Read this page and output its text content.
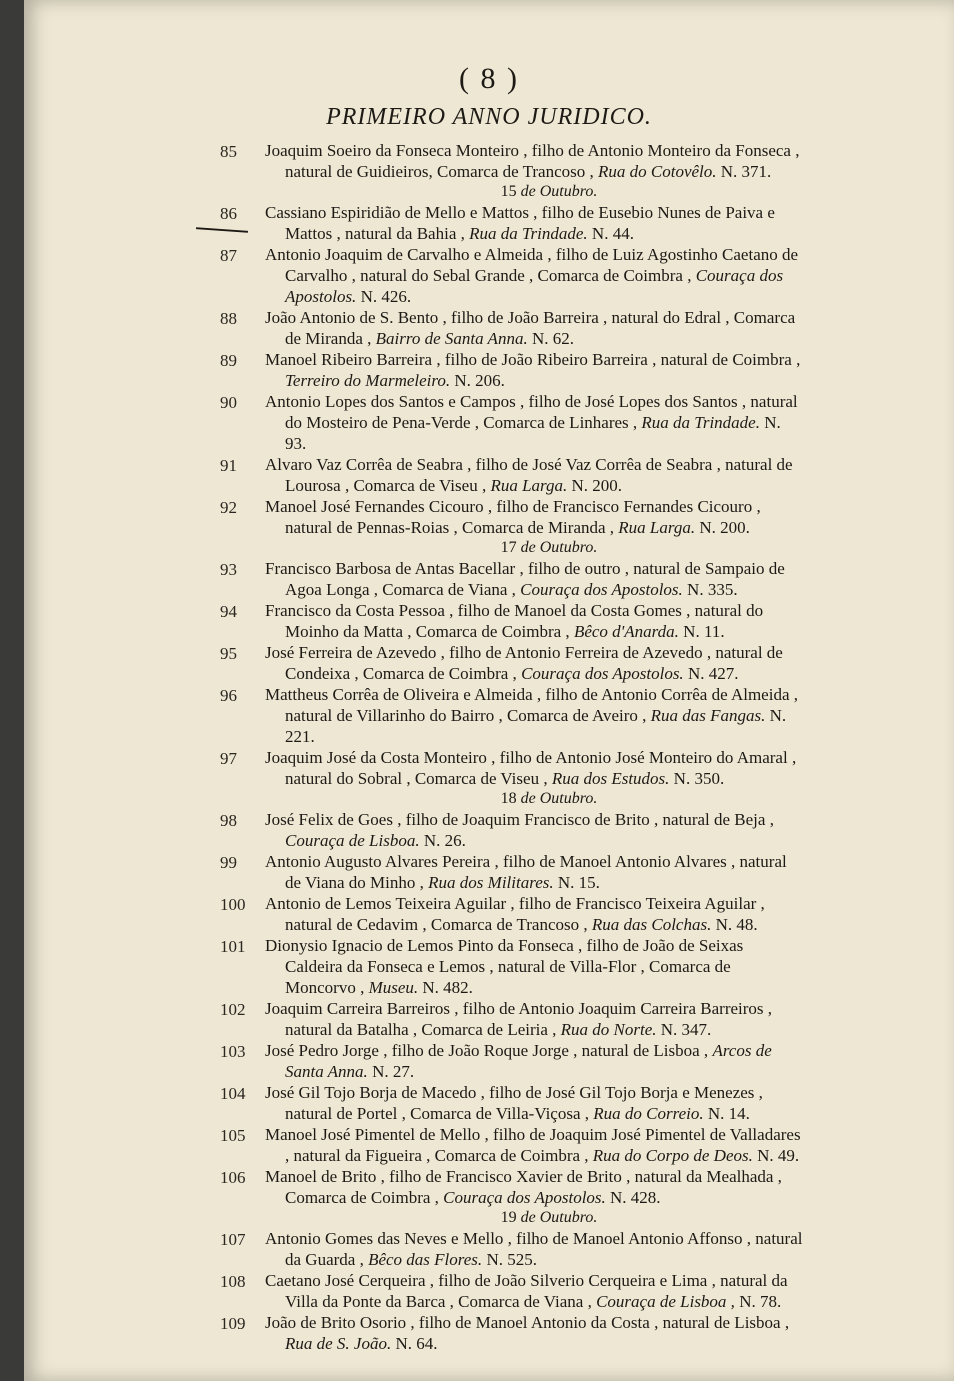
( 8 )
PRIMEIRO ANNO JURIDICO.
85	Joaquim Soeiro da Fonseca Monteiro , filho de Antonio Monteiro da Fonseca , natural de Guidieiros, Comarca de Trancoso , Rua do Cotovêlo. N. 371.
15 de Outubro.
86	Cassiano Espiridião de Mello e Mattos , filho de Eusebio Nunes de Paiva e Mattos , natural da Bahia , Rua da Trindade. N. 44.
87	Antonio Joaquim de Carvalho e Almeida , filho de Luiz Agostinho Caetano de Carvalho , natural do Sebal Grande , Comarca de Coimbra , Couraça dos Apostolos. N. 426.
88	João Antonio de S. Bento , filho de João Barreira , natural do Edral , Comarca de Miranda , Bairro de Santa Anna. N. 62.
89	Manoel Ribeiro Barreira , filho de João Ribeiro Barreira , natural de Coimbra , Terreiro do Marmeleiro. N. 206.
90	Antonio Lopes dos Santos e Campos , filho de José Lopes dos Santos , natural do Mosteiro de Pena-Verde , Comarca de Linhares , Rua da Trindade. N. 93.
91	Alvaro Vaz Corrêa de Seabra , filho de José Vaz Corrêa de Seabra , natural de Lourosa , Comarca de Viseu , Rua Larga. N. 200.
92	Manoel José Fernandes Cicouro , filho de Francisco Fernandes Cicouro , natural de Pennas-Roias , Comarca de Miranda , Rua Larga. N. 200.
17 de Outubro.
93	Francisco Barbosa de Antas Bacellar , filho de outro , natural de Sampaio de Agoa Longa , Comarca de Viana , Couraça dos Apostolos. N. 335.
94	Francisco da Costa Pessoa , filho de Manoel da Costa Gomes , natural do Moinho da Matta , Comarca de Coimbra , Bêco d'Anarda. N. 11.
95	José Ferreira de Azevedo , filho de Antonio Ferreira de Azevedo , natural de Condeixa , Comarca de Coimbra , Couraça dos Apostolos. N. 427.
96	Mattheus Corrêa de Oliveira e Almeida , filho de Antonio Corrêa de Almeida , natural de Villarinho do Bairro , Comarca de Aveiro , Rua das Fangas. N. 221.
97	Joaquim José da Costa Monteiro , filho de Antonio José Monteiro do Amaral , natural do Sobral , Comarca de Viseu , Rua dos Estudos. N. 350.
18 de Outubro.
98	José Felix de Goes , filho de Joaquim Francisco de Brito , natural de Beja , Couraça de Lisboa. N. 26.
99	Antonio Augusto Alvares Pereira , filho de Manoel Antonio Alvares , natural de Viana do Minho , Rua dos Militares. N. 15.
100	Antonio de Lemos Teixeira Aguilar , filho de Francisco Teixeira Aguilar , natural de Cedavim , Comarca de Trancoso , Rua das Colchas. N. 48.
101	Dionysio Ignacio de Lemos Pinto da Fonseca , filho de João de Seixas Caldeira da Fonseca e Lemos , natural de Villa-Flor , Comarca de Moncorvo , Museu. N. 482.
102	Joaquim Carreira Barreiros , filho de Antonio Joaquim Carreira Barreiros , natural da Batalha , Comarca de Leiria , Rua do Norte. N. 347.
103	José Pedro Jorge , filho de João Roque Jorge , natural de Lisboa , Arcos de Santa Anna. N. 27.
104	José Gil Tojo Borja de Macedo , filho de José Gil Tojo Borja e Menezes , natural de Portel , Comarca de Villa-Viçosa , Rua do Correio. N. 14.
105	Manoel José Pimentel de Mello , filho de Joaquim José Pimentel de Valladares , natural da Figueira , Comarca de Coimbra , Rua do Corpo de Deos. N. 49.
106	Manoel de Brito , filho de Francisco Xavier de Brito , natural da Mealhada , Comarca de Coimbra , Couraça dos Apostolos. N. 428.
19 de Outubro.
107	Antonio Gomes das Neves e Mello , filho de Manoel Antonio Affonso , natural da Guarda , Bêco das Flores. N. 525.
108	Caetano José Cerqueira , filho de João Silverio Cerqueira e Lima , natural da Villa da Ponte da Barca , Comarca de Viana , Couraça de Lisboa , N. 78.
109	João de Brito Osorio , filho de Manoel Antonio da Costa , natural de Lisboa , Rua de S. João. N. 64.
